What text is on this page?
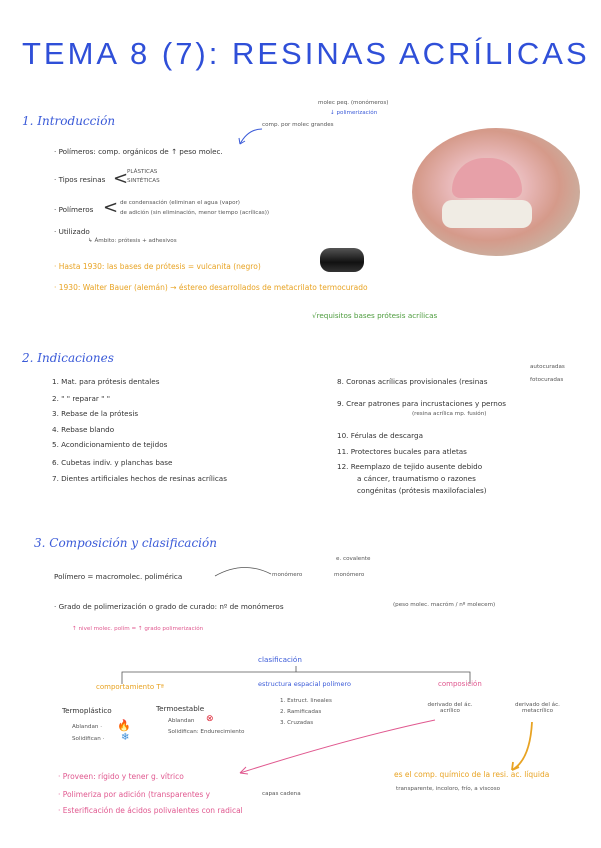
TEMA 8 (7): RESINAS ACRÍLICAS
1. Introducción
molec peq. (monómeros)
↓ polimerización
comp. por molec grandes
· Polímeros: comp. orgánicos de ↑ peso molec.
· Tipos resinas <
PLÁSTICAS
SINTÉTICAS
· Polímeros < de condensación (eliminan el agua (vapor)
de adición (sin eliminación, menor tiempo (acrílicas))
· Utilizado
↳ Ámbito: prótesis + adhesivos
· Hasta 1930: las bases de prótesis = vulcanita (negro)
· 1930: Walter Bauer (alemán) → éstereo desarrollados de metacrilato termocurado
√requisitos bases prótesis acrílicas
2. Indicaciones
1. Mat. para prótesis dentales
2. " " reparar " "
3. Rebase de la prótesis
4. Rebase blando
5. Acondicionamiento de tejidos
6. Cubetas indiv. y planchas base
7. Dientes artificiales hechos de resinas acrílicas
8. Coronas acrílicas provisionales (resinas
autocuradas
fotocuradas
9. Crear patrones para incrustaciones y pernos
(resina acrílica mp. fusión)
10. Férulas de descarga
11. Protectores bucales para atletas
12. Reemplazo de tejido ausente debido
a cáncer, traumatismo o razones
congénitas (prótesis maxilofaciales)
3. Composición y clasificación
e. covalente
Polímero = macromolec. polimérica	monómero	monómero
· Grado de polimerización o grado de curado: nº de monómeros	(peso molec. macróm / nº molecem)
↑ nivel molec. polím = ↑ grado polimerización
clasificación
comportamiento Tª	estructura espacial polímero	composición
Termoplástico	Termoestable
Ablandan ·
Solidifican ·
🔥
❄
Ablandan ⊗
Solidifican: Endurecimiento
1. Estruct. lineales
2. Ramificadas
3. Cruzadas
derivado del ác. acrílico
derivado del ác. metacrílico
· Proveen: rígido y tener g. vítrico
· Polimeriza por adición (transparentes y	capas cadena
· Esterificación de ácidos polivalentes con radical
es el comp. químico de la resi. ac. líquida
transparente, incoloro, frío, a viscoso
